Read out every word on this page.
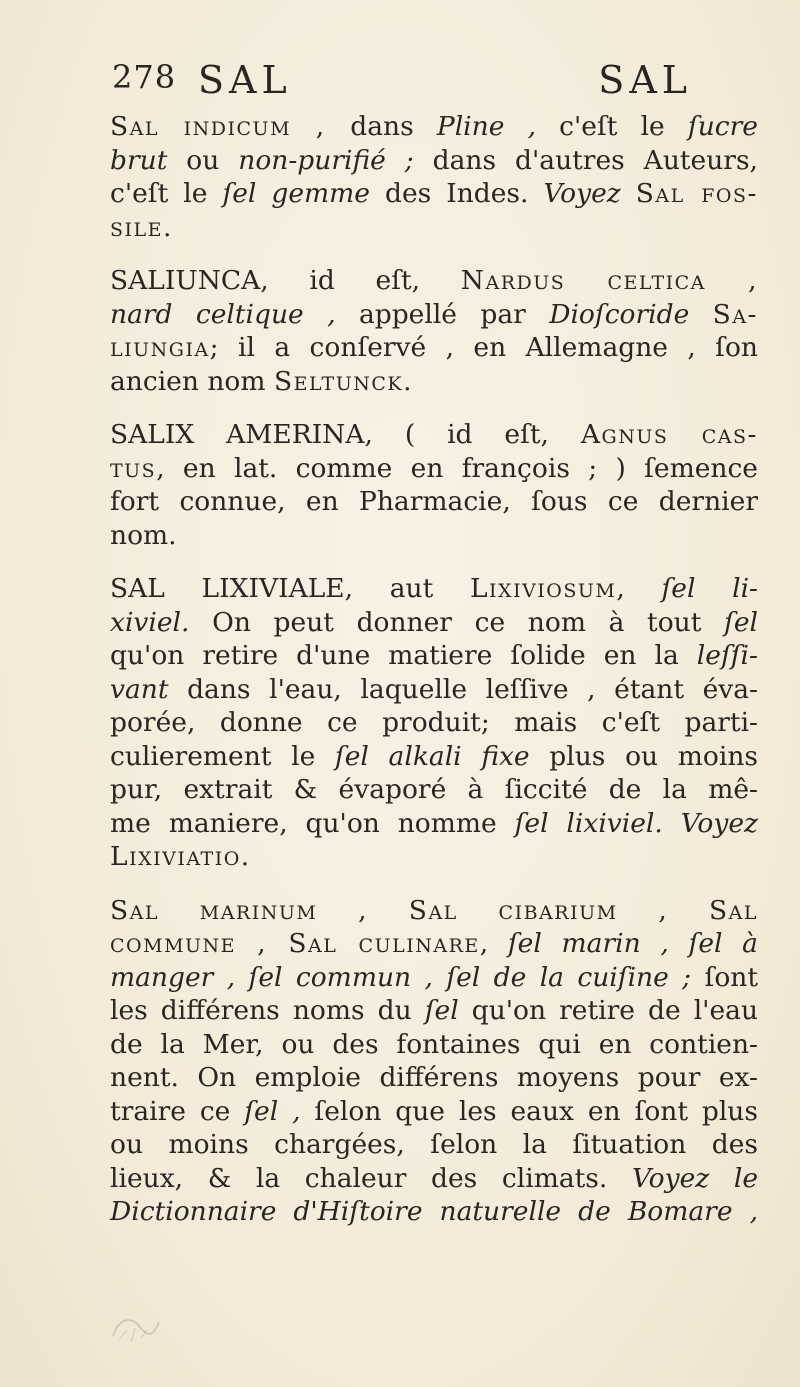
278 SAL	SAL
Sal indicum , dans Pline , c'eſt le ſucre
brut ou non-purifié ; dans d'autres Auteurs,
c'eſt le ſel gemme des Indes. Voyez Sal fos-
sile.
SALIUNCA, id eſt, Nardus celtica ,
nard celtique , appellé par Dioſcoride Sa-
liungia; il a conſervé , en Allemagne , ſon
ancien nom Seltunck.
SALIX AMERINA, ( id eſt, Agnus cas-
tus, en lat. comme en françois ; ) ſemence
fort connue, en Pharmacie, ſous ce dernier
nom.
SAL LIXIVIALE, aut Lixiviosum, ſel li-
xiviel. On peut donner ce nom à tout ſel
qu'on retire d'une matiere ſolide en la leſſi-
vant dans l'eau, laquelle leſſive , étant éva-
porée, donne ce produit; mais c'eſt parti-
culierement le ſel alkali fixe plus ou moins
pur, extrait & évaporé à ſiccité de la mê-
me maniere, qu'on nomme ſel lixiviel. Voyez
Lixiviatio.
Sal marinum , Sal cibarium , Sal
commune , Sal culinare, ſel marin , ſel à
manger , ſel commun , ſel de la cuiſine ; ſont
les différens noms du ſel qu'on retire de l'eau
de la Mer, ou des fontaines qui en contien-
nent. On emploie différens moyens pour ex-
traire ce ſel , ſelon que les eaux en ſont plus
ou moins chargées, ſelon la ſituation des
lieux, & la chaleur des climats. Voyez le
Dictionnaire d'Hiſtoire naturelle de Bomare ,
